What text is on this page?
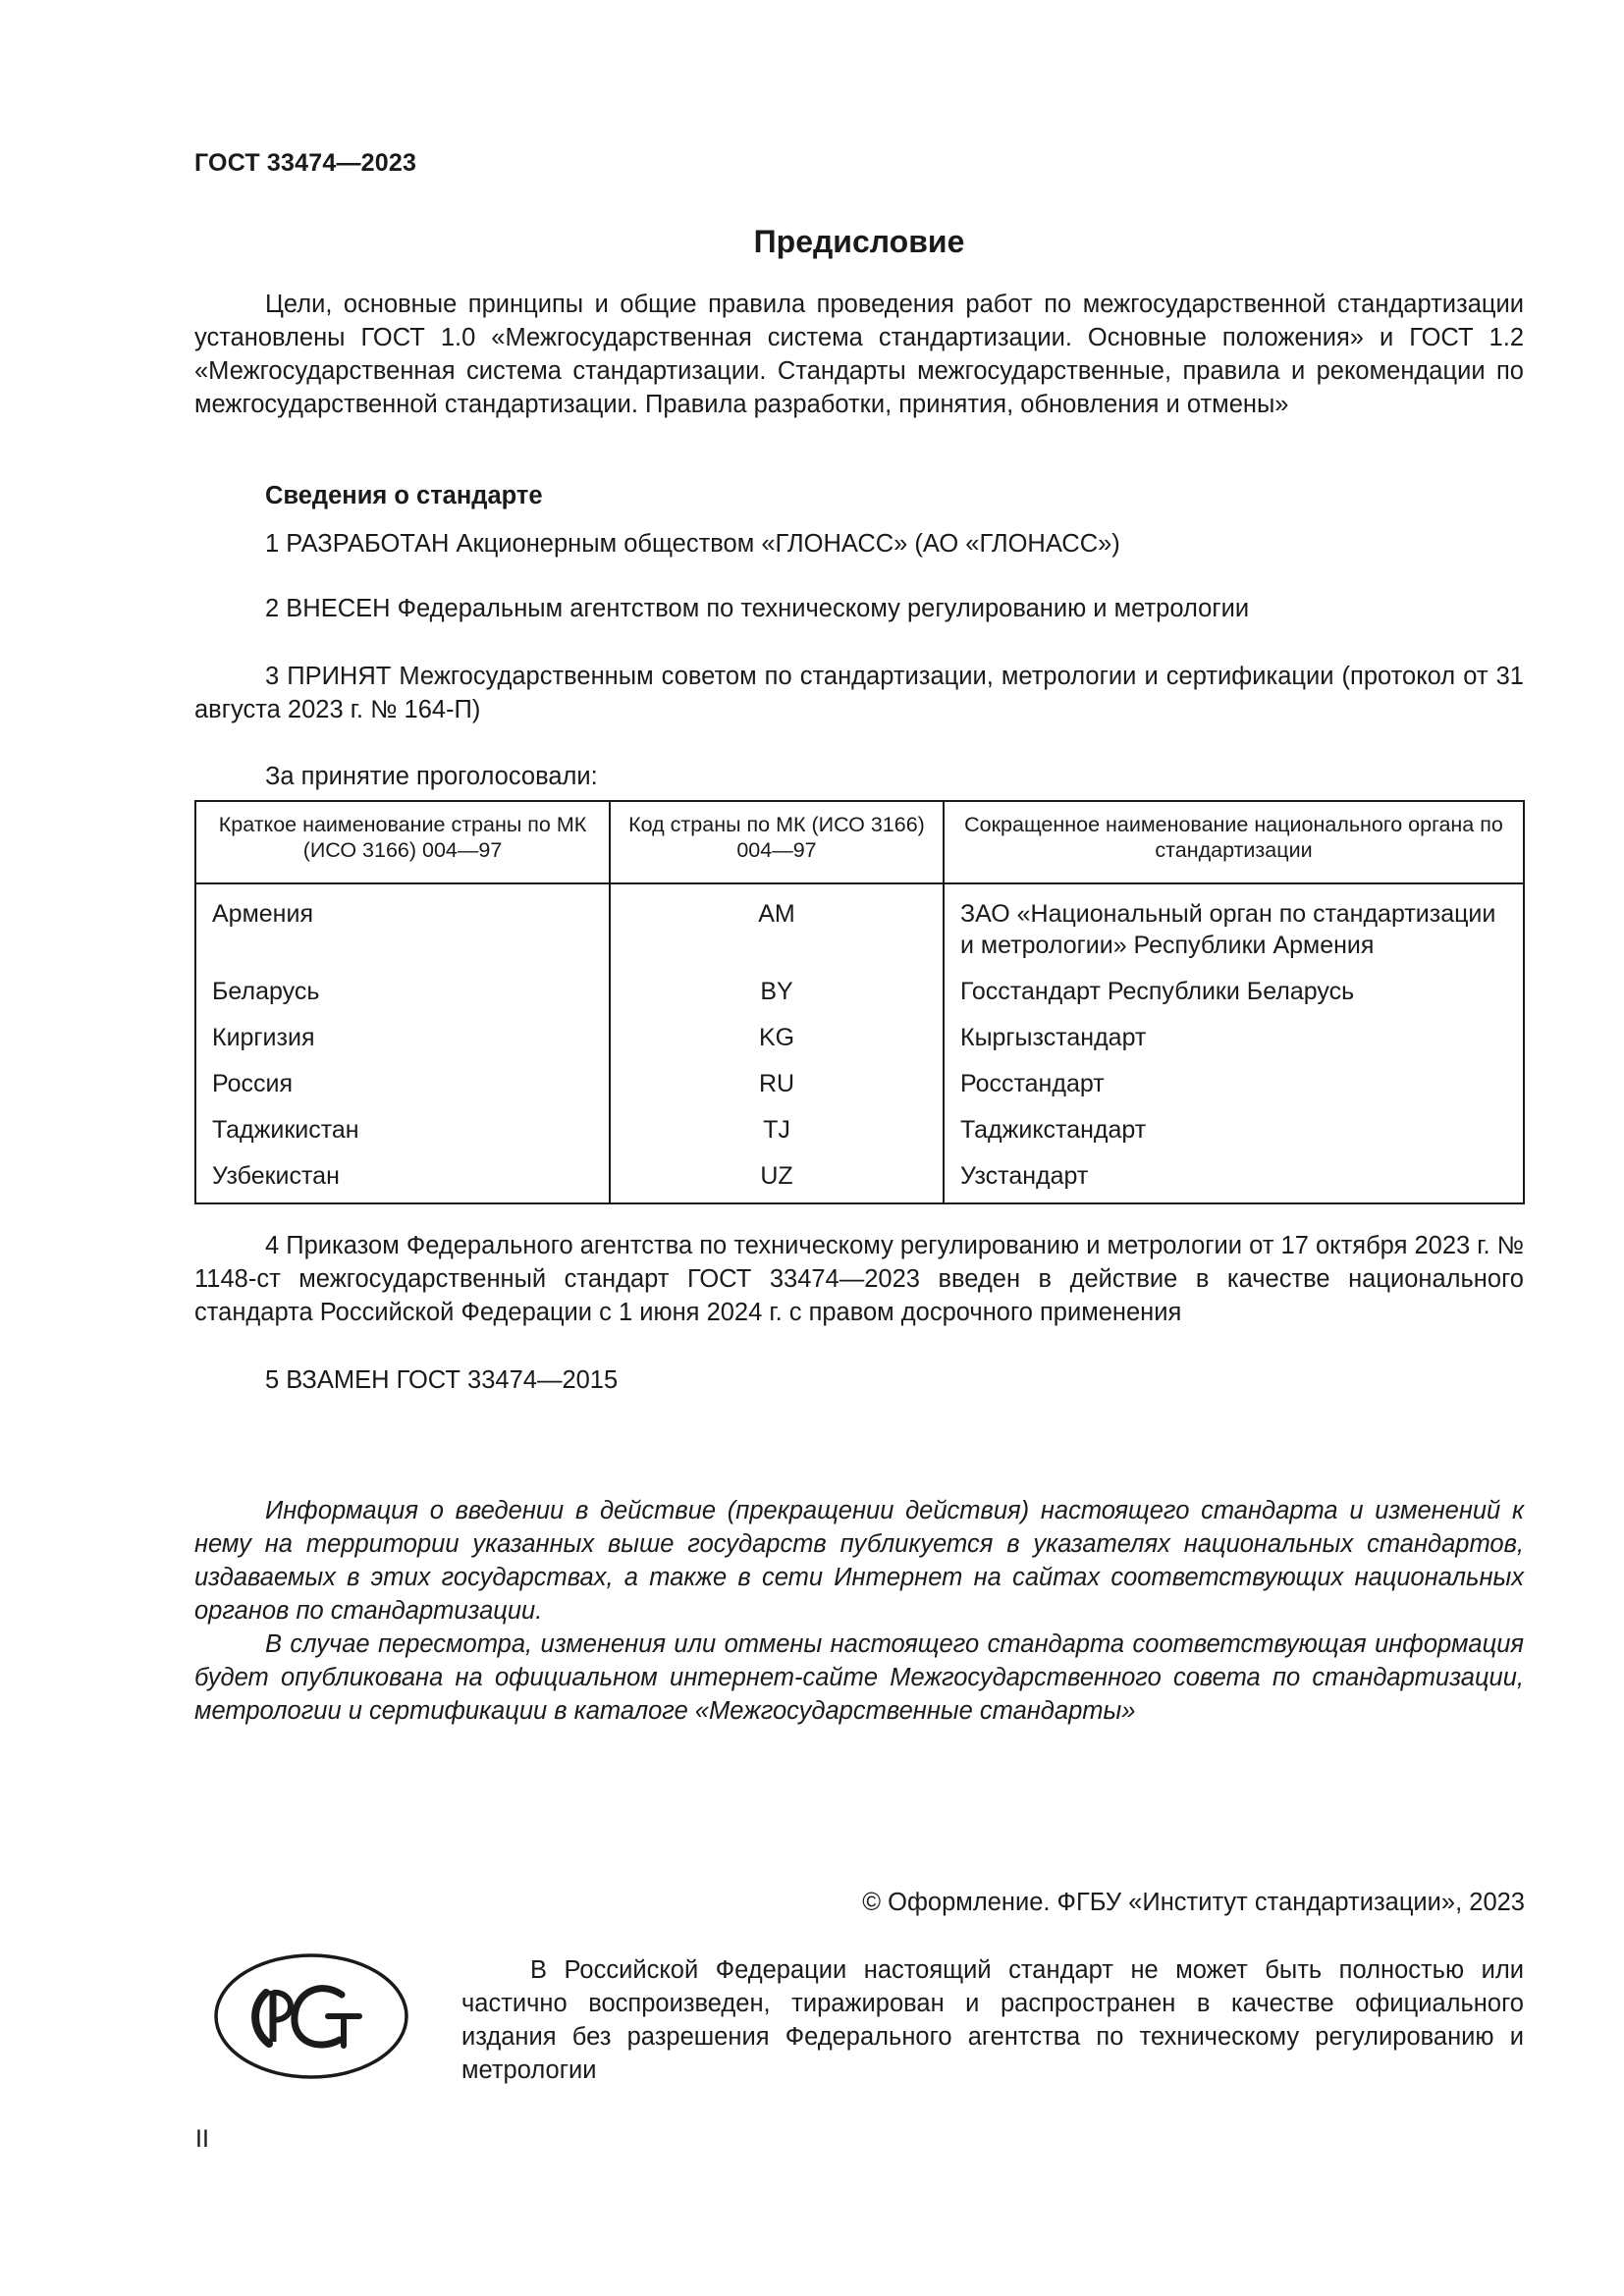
ГОСТ 33474—2023
Предисловие
Цели, основные принципы и общие правила проведения работ по межгосударственной стандартизации установлены ГОСТ 1.0 «Межгосударственная система стандартизации. Основные положения» и ГОСТ 1.2 «Межгосударственная система стандартизации. Стандарты межгосударственные, правила и рекомендации по межгосударственной стандартизации. Правила разработки, принятия, обновления и отмены»
Сведения о стандарте
1 РАЗРАБОТАН Акционерным обществом «ГЛОНАСС» (АО «ГЛОНАСС»)
2 ВНЕСЕН Федеральным агентством по техническому регулированию и метрологии
3 ПРИНЯТ Межгосударственным советом по стандартизации, метрологии и сертификации (протокол от 31 августа 2023 г. № 164-П)
За принятие проголосовали:
Краткое наименование страны по МК (ИСО 3166) 004—97	Код страны по МК (ИСО 3166) 004—97	Сокращенное наименование национального органа по стандартизации
Армения	AM	ЗАО «Национальный орган по стандартизации и метрологии» Республики Армения
Беларусь	BY	Госстандарт Республики Беларусь
Киргизия	KG	Кыргызстандарт
Россия	RU	Росстандарт
Таджикистан	TJ	Таджикстандарт
Узбекистан	UZ	Узстандарт
4 Приказом Федерального агентства по техническому регулированию и метрологии от 17 октября 2023 г. № 1148-ст межгосударственный стандарт ГОСТ 33474—2023 введен в действие в качестве национального стандарта Российской Федерации с 1 июня 2024 г. с правом досрочного применения
5 ВЗАМЕН ГОСТ 33474—2015
Информация о введении в действие (прекращении действия) настоящего стандарта и изменений к нему на территории указанных выше государств публикуется в указателях национальных стандартов, издаваемых в этих государствах, а также в сети Интернет на сайтах соответствующих национальных органов по стандартизации.
В случае пересмотра, изменения или отмены настоящего стандарта соответствующая информация будет опубликована на официальном интернет-сайте Межгосударственного совета по стандартизации, метрологии и сертификации в каталоге «Межгосударственные стандарты»
© Оформление. ФГБУ «Институт стандартизации», 2023
В Российской Федерации настоящий стандарт не может быть полностью или частично воспроизведен, тиражирован и распространен в качестве официального издания без разрешения Федерального агентства по техническому регулированию и метрологии
II
